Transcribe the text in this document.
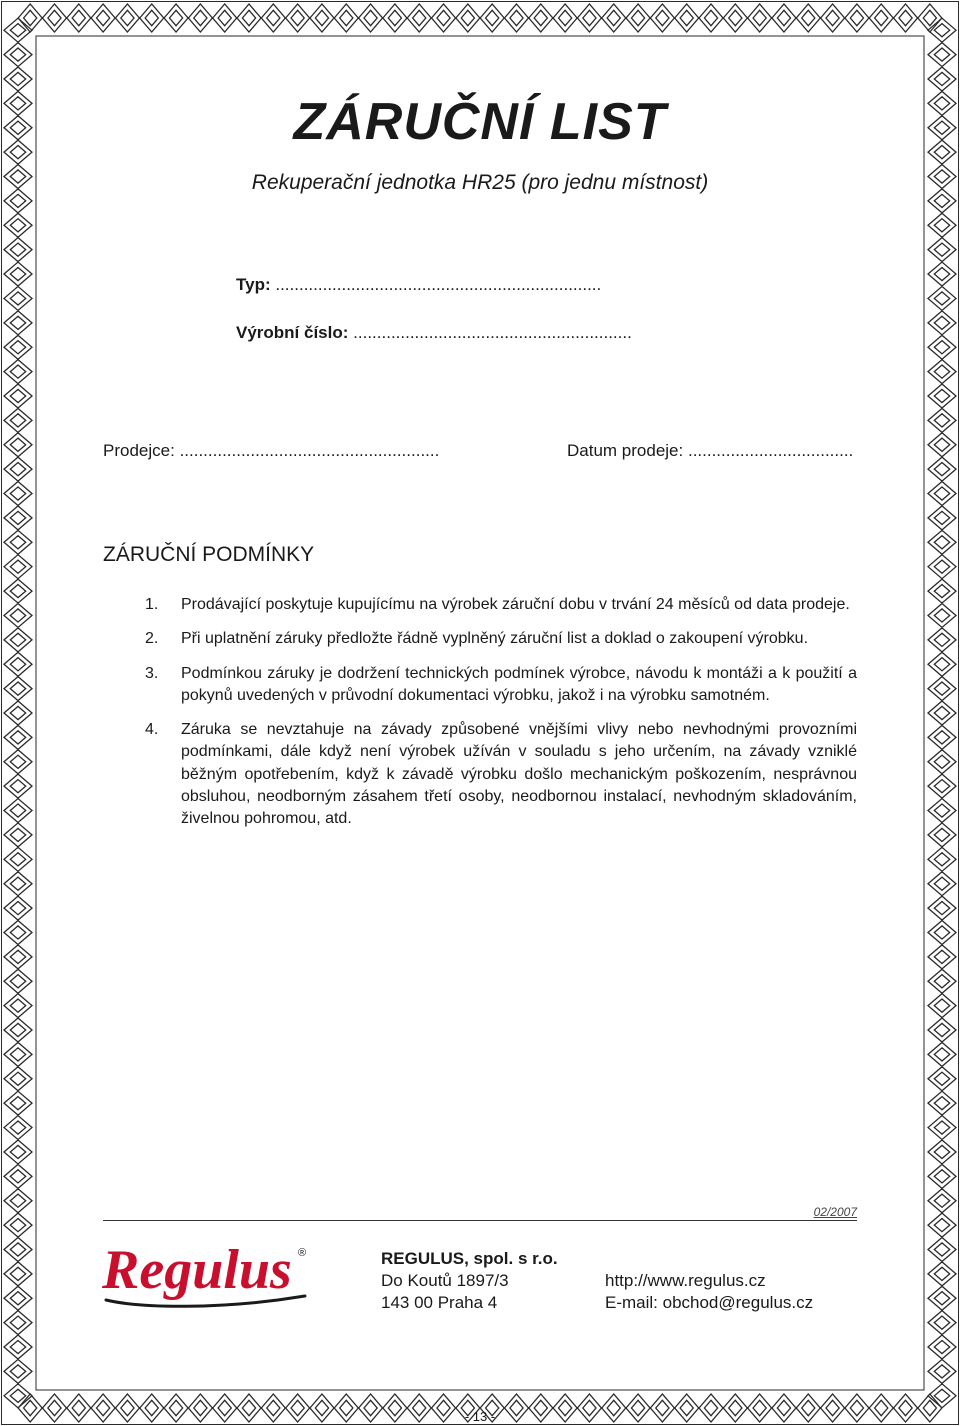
ZÁRUČNÍ LIST
Rekuperační jednotka HR25 (pro jednu místnost)
Typ: .....................................................................
Výrobní číslo: ...........................................................
Prodejce: .......................................................	Datum prodeje: ...................................
ZÁRUČNÍ PODMÍNKY
1. Prodávající poskytuje kupujícímu na výrobek záruční dobu v trvání 24 měsíců od data prodeje.
2. Při uplatnění záruky předložte řádně vyplněný záruční list a doklad o zakoupení výrobku.
3. Podmínkou záruky je dodržení technických podmínek výrobce, návodu k montáži a k použití a pokynů uvedených v průvodní dokumentaci výrobku, jakož i na výrobku samotném.
4. Záruka se nevztahuje na závady způsobené vnějšími vlivy nebo nevhodnými provozními podmínkami, dále když není výrobek užíván v souladu s jeho určením, na závady vzniklé běžným opotřebením, když k závadě výrobku došlo mechanickým poškozením, nesprávnou obsluhou, neodborným zásahem třetí osoby, neodbornou instalací, nevhodným skladováním, živelnou pohromou, atd.
02/2007
Regulus ®	REGULUS, spol. s r.o.
Do Koutů 1897/3
143 00 Praha 4
http://www.regulus.cz
E-mail: obchod@regulus.cz
- 13 -
